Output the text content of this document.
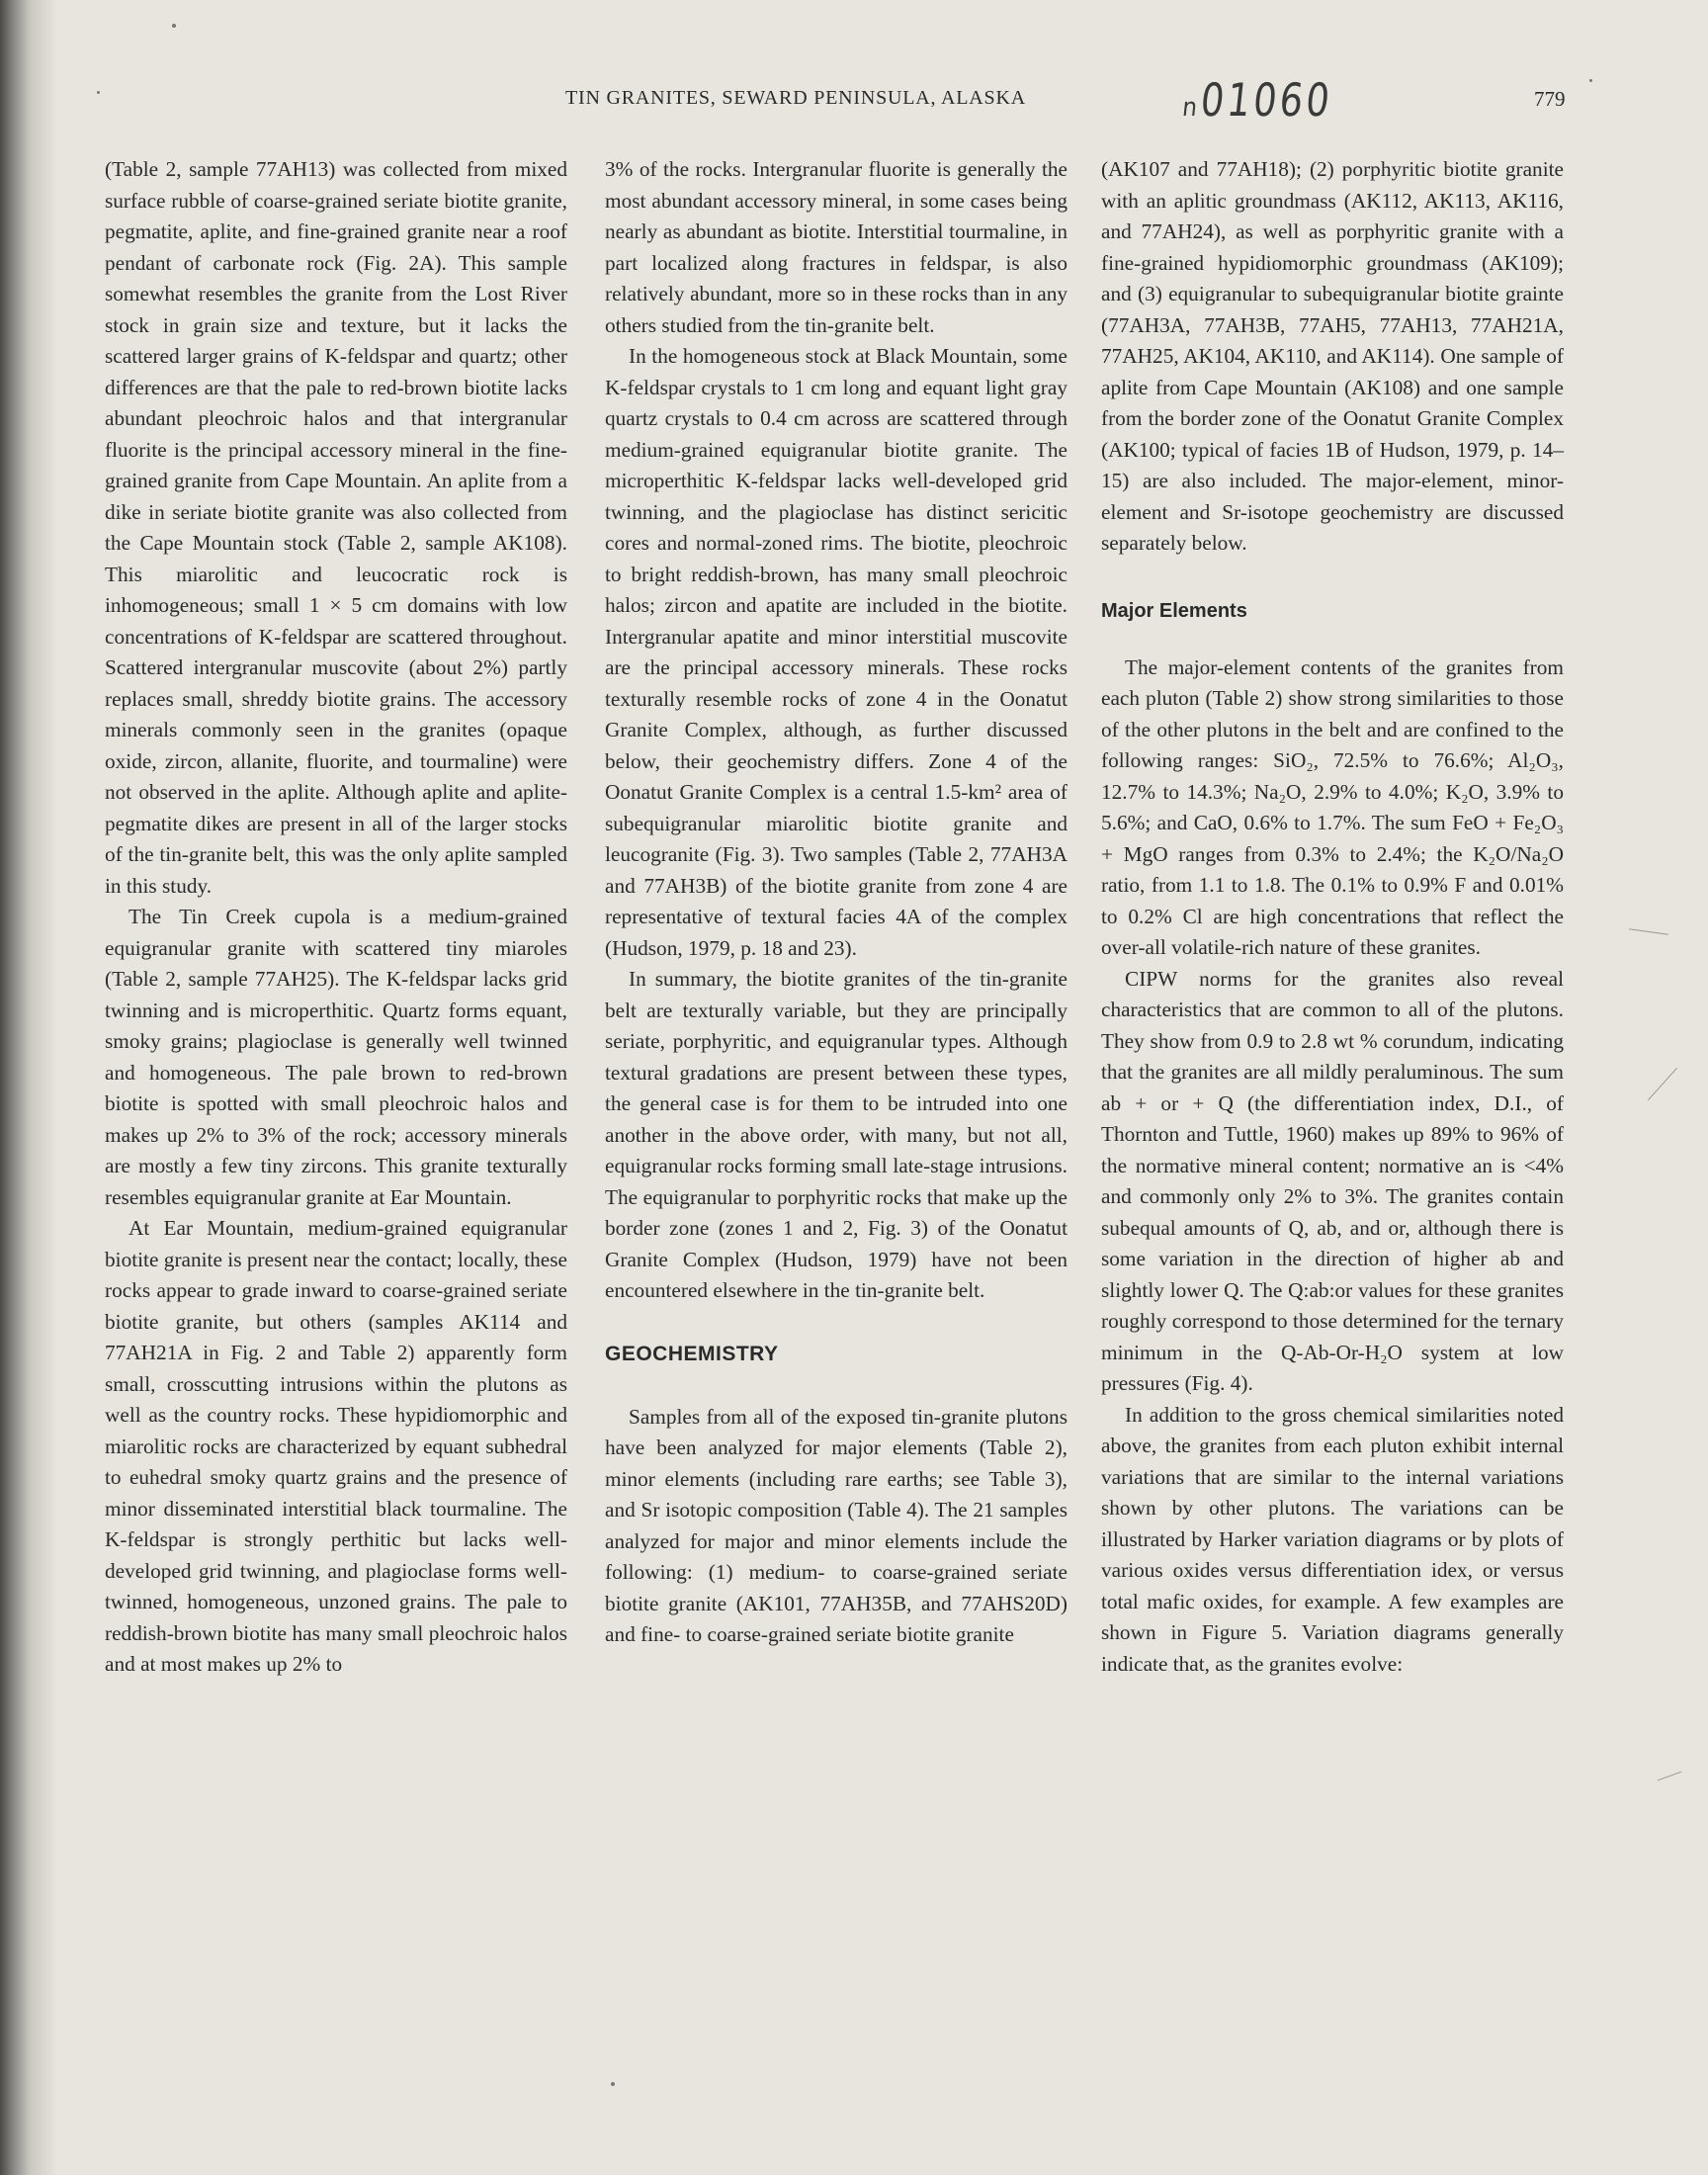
TIN GRANITES, SEWARD PENINSULA, ALASKA	ₙ01060	779

(Table 2, sample 77AH13) was collected from mixed surface rubble of coarse-grained seriate biotite granite, pegmatite, aplite, and fine-grained granite near a roof pendant of carbonate rock (Fig. 2A). This sample somewhat resembles the granite from the Lost River stock in grain size and texture, but it lacks the scattered larger grains of K-feldspar and quartz; other differences are that the pale to red-brown biotite lacks abundant pleochroic halos and that intergranular fluorite is the principal accessory mineral in the fine-grained granite from Cape Mountain. An aplite from a dike in seriate biotite granite was also collected from the Cape Mountain stock (Table 2, sample AK108). This miarolitic and leucocratic rock is inhomogeneous; small 1 × 5 cm domains with low concentrations of K-feldspar are scattered throughout. Scattered intergranular muscovite (about 2%) partly replaces small, shreddy biotite grains. The accessory minerals commonly seen in the granites (opaque oxide, zircon, allanite, fluorite, and tourmaline) were not observed in the aplite. Although aplite and aplite-pegmatite dikes are present in all of the larger stocks of the tin-granite belt, this was the only aplite sampled in this study.

The Tin Creek cupola is a medium-grained equigranular granite with scattered tiny miaroles (Table 2, sample 77AH25). The K-feldspar lacks grid twinning and is microperthitic. Quartz forms equant, smoky grains; plagioclase is generally well twinned and homogeneous. The pale brown to red-brown biotite is spotted with small pleochroic halos and makes up 2% to 3% of the rock; accessory minerals are mostly a few tiny zircons. This granite texturally resembles equigranular granite at Ear Mountain.

At Ear Mountain, medium-grained equigranular biotite granite is present near the contact; locally, these rocks appear to grade inward to coarse-grained seriate biotite granite, but others (samples AK114 and 77AH21A in Fig. 2 and Table 2) apparently form small, crosscutting intrusions within the plutons as well as the country rocks. These hypidiomorphic and miarolitic rocks are characterized by equant subhedral to euhedral smoky quartz grains and the presence of minor disseminated interstitial black tourmaline. The K-feldspar is strongly perthitic but lacks well-developed grid twinning, and plagioclase forms well-twinned, homogeneous, unzoned grains. The pale to reddish-brown biotite has many small pleochroic halos and at most makes up 2% to

3% of the rocks. Intergranular fluorite is generally the most abundant accessory mineral, in some cases being nearly as abundant as biotite. Interstitial tourmaline, in part localized along fractures in feldspar, is also relatively abundant, more so in these rocks than in any others studied from the tin-granite belt.

In the homogeneous stock at Black Mountain, some K-feldspar crystals to 1 cm long and equant light gray quartz crystals to 0.4 cm across are scattered through medium-grained equigranular biotite granite. The microperthitic K-feldspar lacks well-developed grid twinning, and the plagioclase has distinct sericitic cores and normal-zoned rims. The biotite, pleochroic to bright reddish-brown, has many small pleochroic halos; zircon and apatite are included in the biotite. Intergranular apatite and minor interstitial muscovite are the principal accessory minerals. These rocks texturally resemble rocks of zone 4 in the Oonatut Granite Complex, although, as further discussed below, their geochemistry differs. Zone 4 of the Oonatut Granite Complex is a central 1.5-km² area of subequigranular miarolitic biotite granite and leucogranite (Fig. 3). Two samples (Table 2, 77AH3A and 77AH3B) of the biotite granite from zone 4 are representative of textural facies 4A of the complex (Hudson, 1979, p. 18 and 23).

In summary, the biotite granites of the tin-granite belt are texturally variable, but they are principally seriate, porphyritic, and equigranular types. Although textural gradations are present between these types, the general case is for them to be intruded into one another in the above order, with many, but not all, equigranular rocks forming small late-stage intrusions. The equigranular to porphyritic rocks that make up the border zone (zones 1 and 2, Fig. 3) of the Oonatut Granite Complex (Hudson, 1979) have not been encountered elsewhere in the tin-granite belt.

GEOCHEMISTRY

Samples from all of the exposed tin-granite plutons have been analyzed for major elements (Table 2), minor elements (including rare earths; see Table 3), and Sr isotopic composition (Table 4). The 21 samples analyzed for major and minor elements include the following: (1) medium- to coarse-grained seriate biotite granite (AK101, 77AH35B, and 77AHS20D) and fine- to coarse-grained seriate biotite granite

(AK107 and 77AH18); (2) porphyritic biotite granite with an aplitic groundmass (AK112, AK113, AK116, and 77AH24), as well as porphyritic granite with a fine-grained hypidiomorphic groundmass (AK109); and (3) equigranular to subequigranular biotite grainte (77AH3A, 77AH3B, 77AH5, 77AH13, 77AH21A, 77AH25, AK104, AK110, and AK114). One sample of aplite from Cape Mountain (AK108) and one sample from the border zone of the Oonatut Granite Complex (AK100; typical of facies 1B of Hudson, 1979, p. 14–15) are also included. The major-element, minor-element and Sr-isotope geochemistry are discussed separately below.

Major Elements

The major-element contents of the granites from each pluton (Table 2) show strong similarities to those of the other plutons in the belt and are confined to the following ranges: SiO₂, 72.5% to 76.6%; Al₂O₃, 12.7% to 14.3%; Na₂O, 2.9% to 4.0%; K₂O, 3.9% to 5.6%; and CaO, 0.6% to 1.7%. The sum FeO + Fe₂O₃ + MgO ranges from 0.3% to 2.4%; the K₂O/Na₂O ratio, from 1.1 to 1.8. The 0.1% to 0.9% F and 0.01% to 0.2% Cl are high concentrations that reflect the over-all volatile-rich nature of these granites.

CIPW norms for the granites also reveal characteristics that are common to all of the plutons. They show from 0.9 to 2.8 wt % corundum, indicating that the granites are all mildly peraluminous. The sum ab + or + Q (the differentiation index, D.I., of Thornton and Tuttle, 1960) makes up 89% to 96% of the normative mineral content; normative an is <4% and commonly only 2% to 3%. The granites contain subequal amounts of Q, ab, and or, although there is some variation in the direction of higher ab and slightly lower Q. The Q:ab:or values for these granites roughly correspond to those determined for the ternary minimum in the Q-Ab-Or-H₂O system at low pressures (Fig. 4).

In addition to the gross chemical similarities noted above, the granites from each pluton exhibit internal variations that are similar to the internal variations shown by other plutons. The variations can be illustrated by Harker variation diagrams or by plots of various oxides versus differentiation idex, or versus total mafic oxides, for example. A few examples are shown in Figure 5. Variation diagrams generally indicate that, as the granites evolve:
